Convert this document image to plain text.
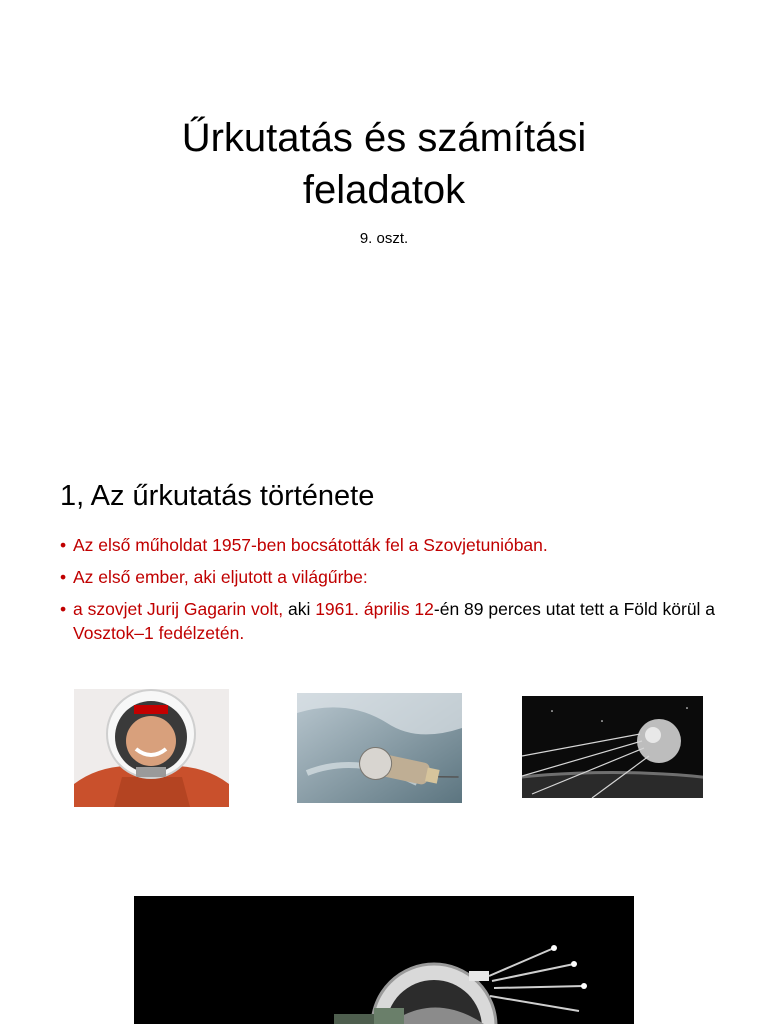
Űrkutatás és számítási
feladatok
9. oszt.
1, Az űrkutatás története
• Az első műholdat 1957-ben bocsátották fel a Szovjetunióban.
• Az első ember, aki eljutott a világűrbe:
• a szovjet Jurij Gagarin volt, aki 1961. április 12-én 89 perces utat tett a Föld körül a Vosztok–1 fedélzetén.
